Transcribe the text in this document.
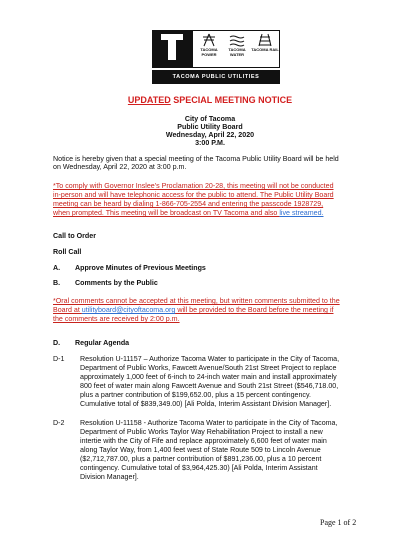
TACOMA POWER
TACOMA WATER
TACOMA RAIL
TACOMA PUBLIC UTILITIES
UPDATED SPECIAL MEETING NOTICE
City of Tacoma
Public Utility Board
Wednesday, April 22, 2020
3:00 P.M.
Notice is hereby given that a special meeting of the Tacoma Public Utility Board will be held
on Wednesday, April 22, 2020 at 3:00 p.m.
*To comply with Governor Inslee's Proclamation 20-28, this meeting will not be conducted
in-person and will have telephonic access for the public to attend. The Public Utility Board
meeting can be heard by dialing 1-866-705-2554 and entering the passcode 1928729,
when prompted. This meeting will be broadcast on TV Tacoma and also live streamed.
Call to Order
Roll Call
A. Approve Minutes of Previous Meetings
B. Comments by the Public
*Oral comments cannot be accepted at this meeting, but written comments submitted to the
Board at utilityboard@cityoftacoma.org will be provided to the Board before the meeting if
the comments are received by 2:00 p.m.
D. Regular Agenda
D-1 Resolution U-11157 – Authorize Tacoma Water to participate in the City of Tacoma,
Department of Public Works, Fawcett Avenue/South 21st Street Project to replace
approximately 1,000 feet of 6-inch to 24-inch water main and install approximately
800 feet of water main along Fawcett Avenue and South 21st Street ($546,718.00,
plus a partner contribution of $199,652.00, plus a 15 percent contingency.
Cumulative total of $839,349.00) [Ali Polda, Interim Assistant Division Manager].
D-2 Resolution U-11158 - Authorize Tacoma Water to participate in the City of Tacoma,
Department of Public Works Taylor Way Rehabilitation Project to install a new
intertie with the City of Fife and replace approximately 6,600 feet of water main
along Taylor Way, from 1,400 feet west of State Route 509 to Lincoln Avenue
($2,712,787.00, plus a partner contribution of $891,236.00, plus a 10 percent
contingency. Cumulative total of $3,964,425.30) [Ali Polda, Interim Assistant
Division Manager].
Page 1 of 2
